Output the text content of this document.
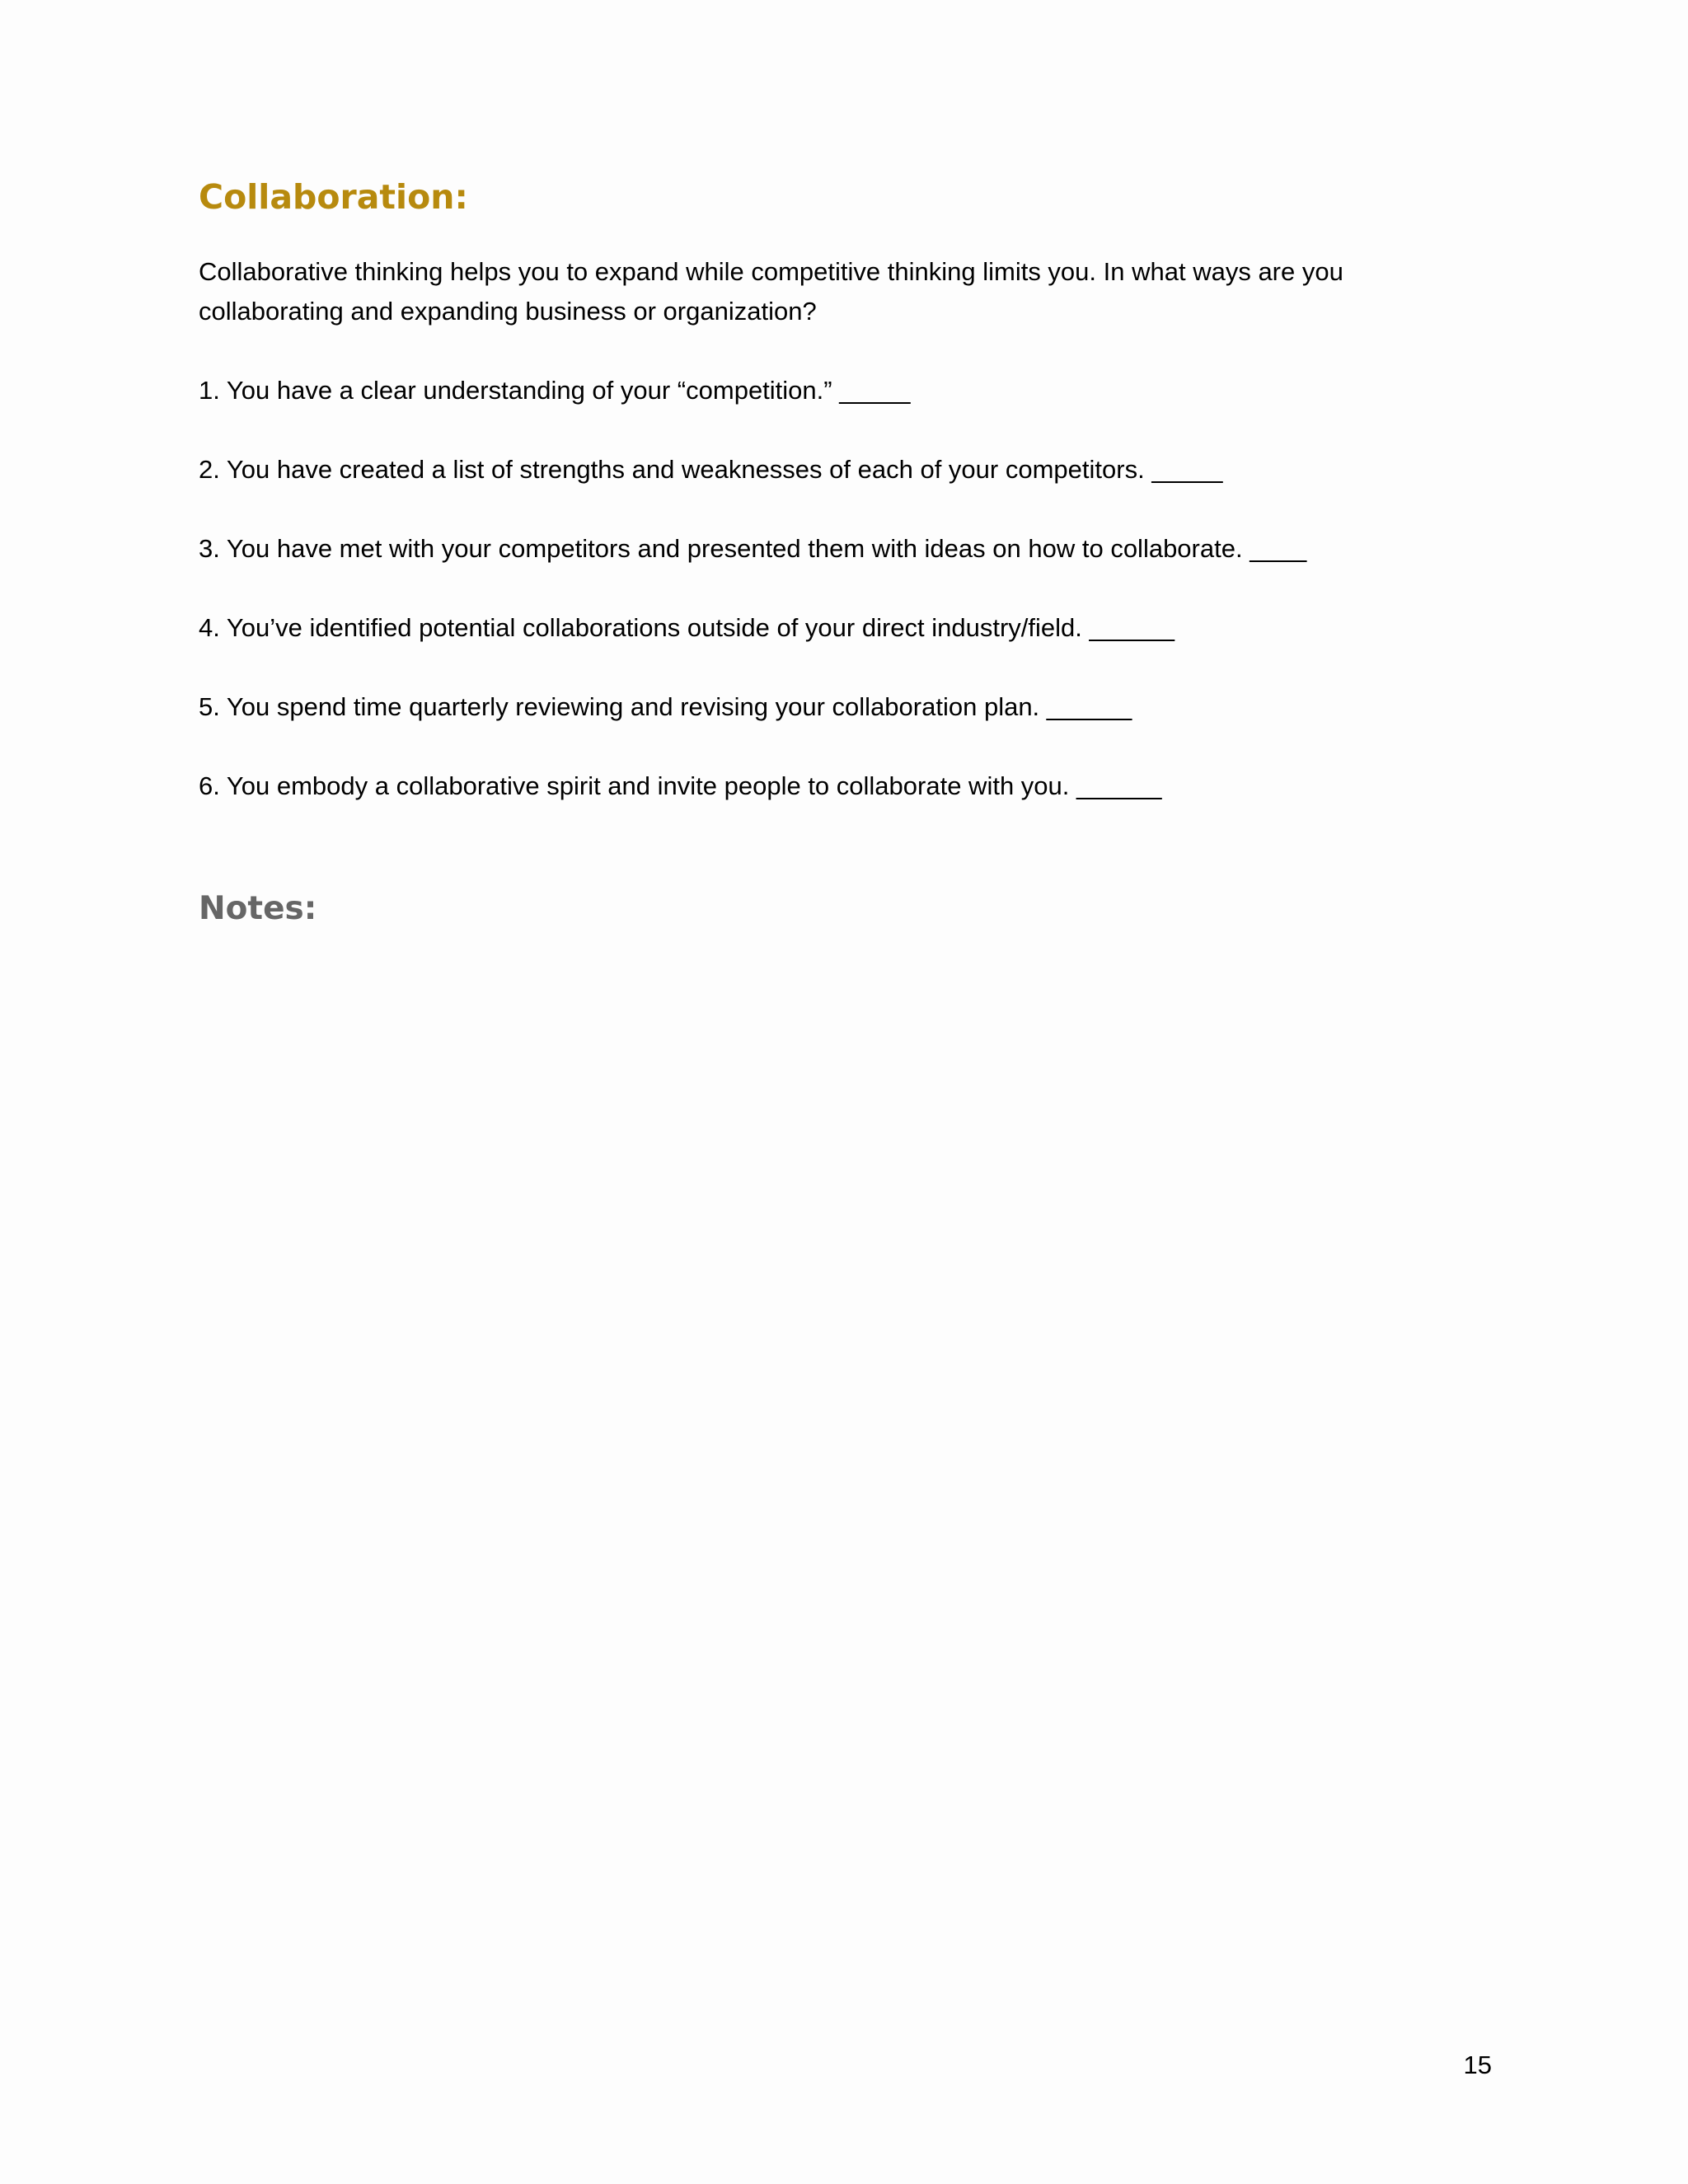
Collaboration:

Collaborative thinking helps you to expand while competitive thinking limits you. In what ways are you collaborating and expanding business or organization?

1. You have a clear understanding of your “competition.” _____
2. You have created a list of strengths and weaknesses of each of your competitors. _____
3. You have met with your competitors and presented them with ideas on how to collaborate. ____
4. You’ve identified potential collaborations outside of your direct industry/field. ______
5. You spend time quarterly reviewing and revising your collaboration plan. ______
6. You embody a collaborative spirit and invite people to collaborate with you. ______
Notes:
15
